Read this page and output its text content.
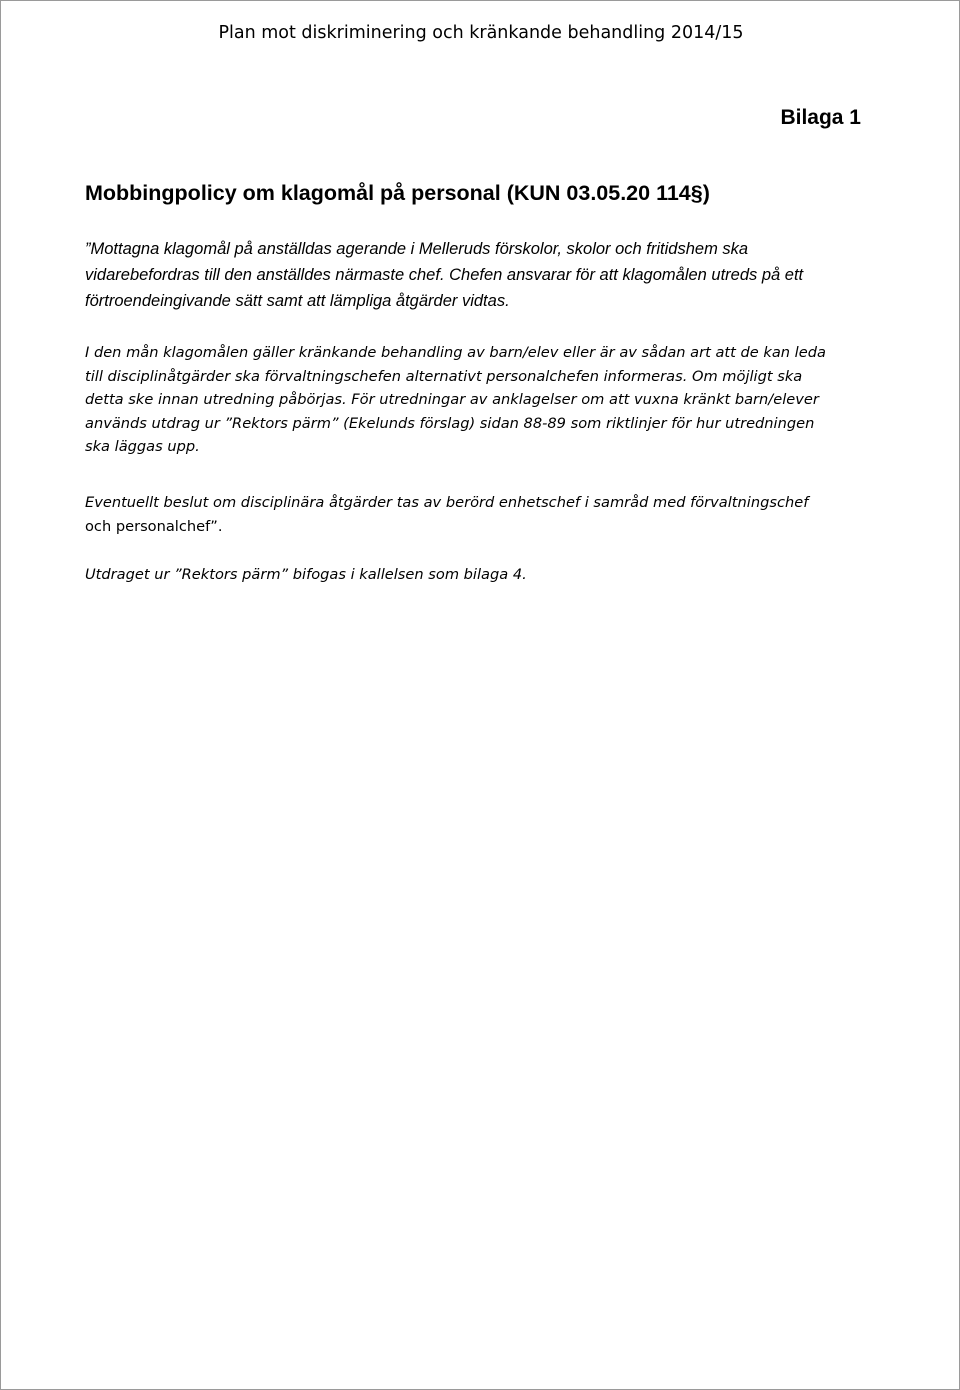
Plan mot diskriminering och kränkande behandling 2014/15
Bilaga 1
Mobbingpolicy om klagomål på personal (KUN 03.05.20 114§)

”Mottagna klagomål på anställdas agerande i Melleruds förskolor, skolor och fritidshem ska
vidarebefordras till den anställdes närmaste chef. Chefen ansvarar för att klagomålen utreds på ett
förtroendeingivande sätt samt att lämpliga åtgärder vidtas.

I den mån klagomålen gäller kränkande behandling av barn/elev eller är av sådan art att de kan leda
till disciplinåtgärder ska förvaltningschefen alternativt personalchefen informeras. Om möjligt ska
detta ske innan utredning påbörjas. För utredningar av anklagelser om att vuxna kränkt barn/elever
används utdrag ur ”Rektors pärm” (Ekelunds förslag) sidan 88-89 som riktlinjer för hur utredningen
ska läggas upp.

Eventuellt beslut om disciplinära åtgärder tas av berörd enhetschef i samråd med förvaltningschef
och personalchef”.

Utdraget ur ”Rektors pärm” bifogas i kallelsen som bilaga 4.
